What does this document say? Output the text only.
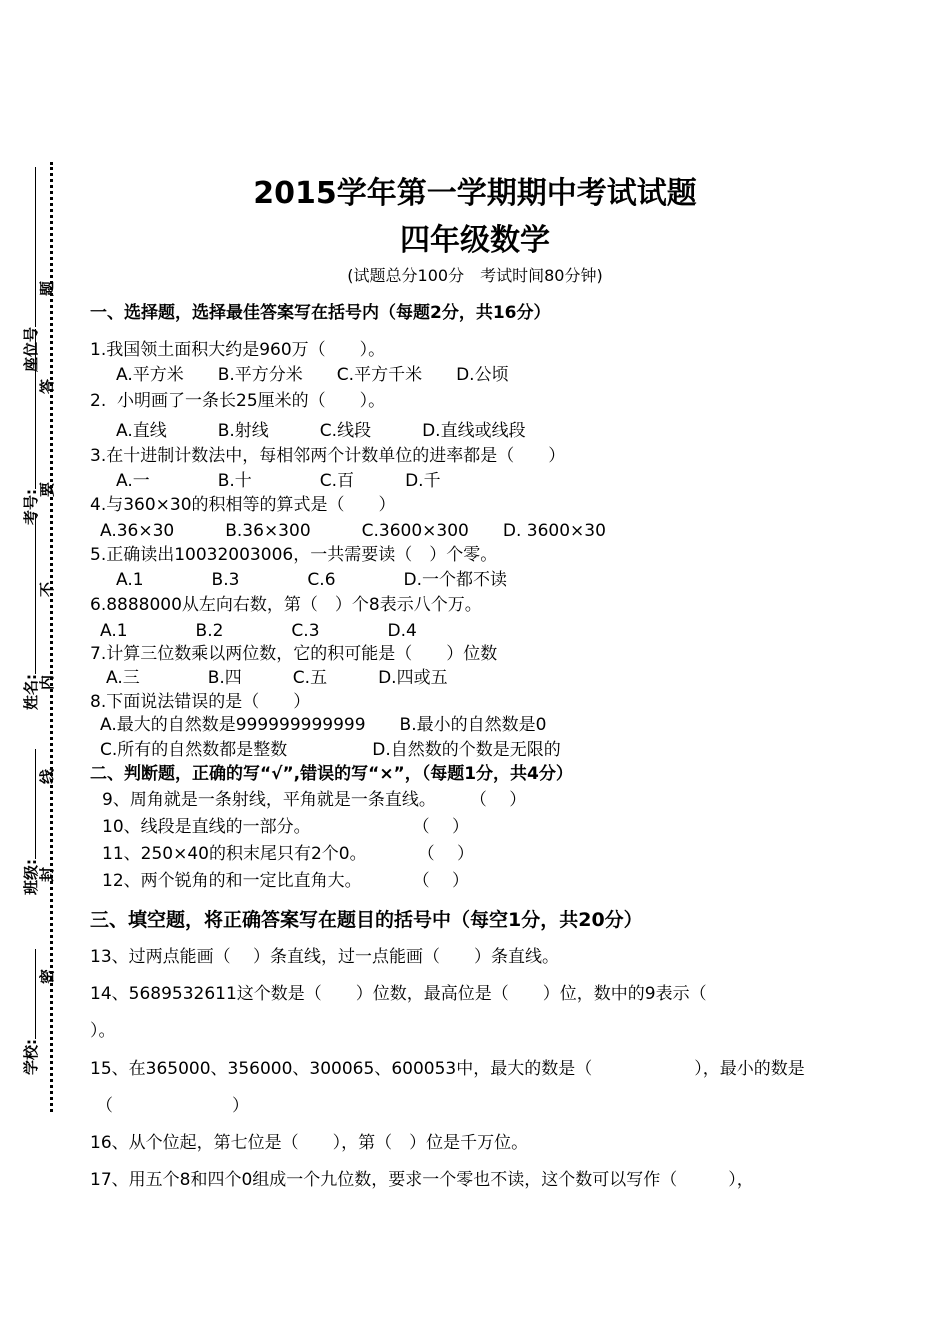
学校:
班级:
姓名:
考号:
座位号
密
封
线
内
不
要
答
题
2015学年第一学期期中考试试题
四年级数学
(试题总分100分　考试时间80分钟)
一、选择题，选择最佳答案写在括号内（每题2分，共16分）
1.我国领土面积大约是960万（　　）。
A.平方米　　B.平方分米　　C.平方千米　　D.公顷
2.  小明画了一条长25厘米的（　　）。
A.直线　　　B.射线　　　C.线段　　　D.直线或线段
3.在十进制计数法中，每相邻两个计数单位的进率都是（　　）
A.一　　　　B.十　　　　C.百　　　D.千
4.与360×30的积相等的算式是（　　）
A.36×30　　　B.36×300　　　C.3600×300　　D. 3600×30
5.正确读出10032003006，一共需要读（　）个零。
A.1　　　　B.3　　　　C.6　　　　D.一个都不读
6.8888000从左向右数，第（　）个8表示八个万。
A.1　　　　B.2　　　　C.3　　　　D.4
7.计算三位数乘以两位数，它的积可能是（　　）位数
A.三　　　　B.四　　　C.五　　　D.四或五
8.下面说法错误的是（　　）
A.最大的自然数是999999999999　　B.最小的自然数是0
C.所有的自然数都是整数　　　　　D.自然数的个数是无限的
二、判断题，正确的写“√”,错误的写“×”，（每题1分，共4分）
9、周角就是一条射线，平角就是一条直线。　　　（　 ）
10、线段是直线的一部分。　　　　　　　（　 ）
11、250×40的积末尾只有2个0。　　　　（　 ）
12、两个锐角的和一定比直角大。　　　　（　 ）
三、填空题，将正确答案写在题目的括号中（每空1分，共20分）
13、过两点能画（　 ）条直线，过一点能画（　　）条直线。
14、5689532611这个数是（　　）位数，最高位是（　　）位，数中的9表示（
）。
15、在365000、356000、300065、600053中，最大的数是（　　　　　　），最小的数是
（　　　　　　　）
16、从个位起，第七位是（　　），第（　）位是千万位。
17、用五个8和四个0组成一个九位数，要求一个零也不读，这个数可以写作（　　　），
